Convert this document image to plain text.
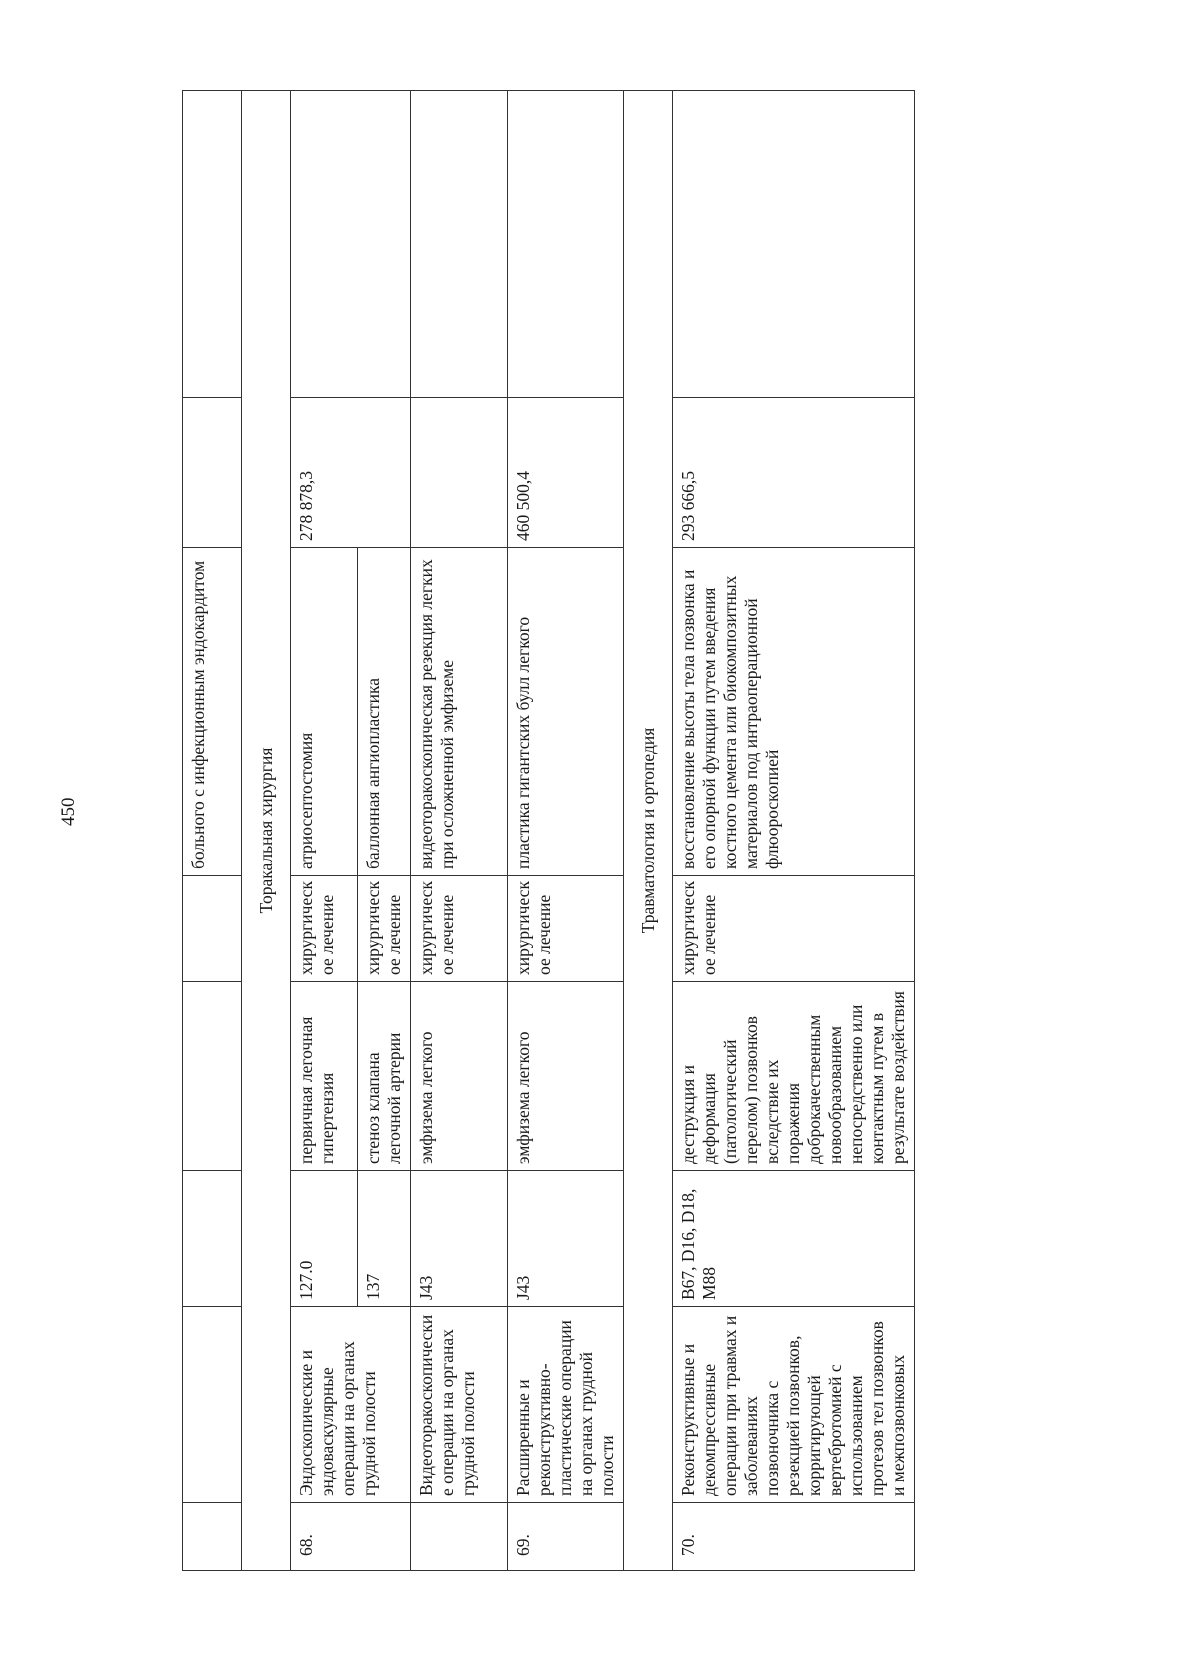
450
						больного с инфекционным эндокардитом		
Торакальная хирургия							
68.	Эндоскопические и эндоваскулярные операции на органах грудной полости	127.0	первичная легочная гипертензия	хирургическ ое лечение	атриосептостомия	278 878,3	
		137	стеноз клапана легочной артерии	хирургическ ое лечение	баллонная ангиопластика		
	Видеоторакоскопически е операции на органах грудной полости	J43	эмфизема легкого	хирургическ ое лечение	видеоторакоскопическая резекция легких при осложненной эмфиземе		
69.	Расширенные и реконструктивно-пластические операции на органах грудной полости	J43	эмфизема легкого	хирургическ ое лечение	пластика гигантских булл легкого	460 500,4	
Травматология и ортопедия							
70.	Реконструктивные и декомпрессивные операции при травмах и заболеваниях позвоночника с резекцией позвонков, корригирующей вертебротомией с использованием протезов тел позвонков и межпозвонковых	В67, D16, D18, М88	деструкция и деформация (патологический перелом) позвонков вследствие их поражения доброкачественным новообразованием непосредственно или контактным путем в результате воздействия	хирургическ ое лечение	восстановление высоты тела позвонка и его опорной функции путем введения костного цемента или биокомпозитных материалов под интраоперационной флюороскопией	293 666,5	
